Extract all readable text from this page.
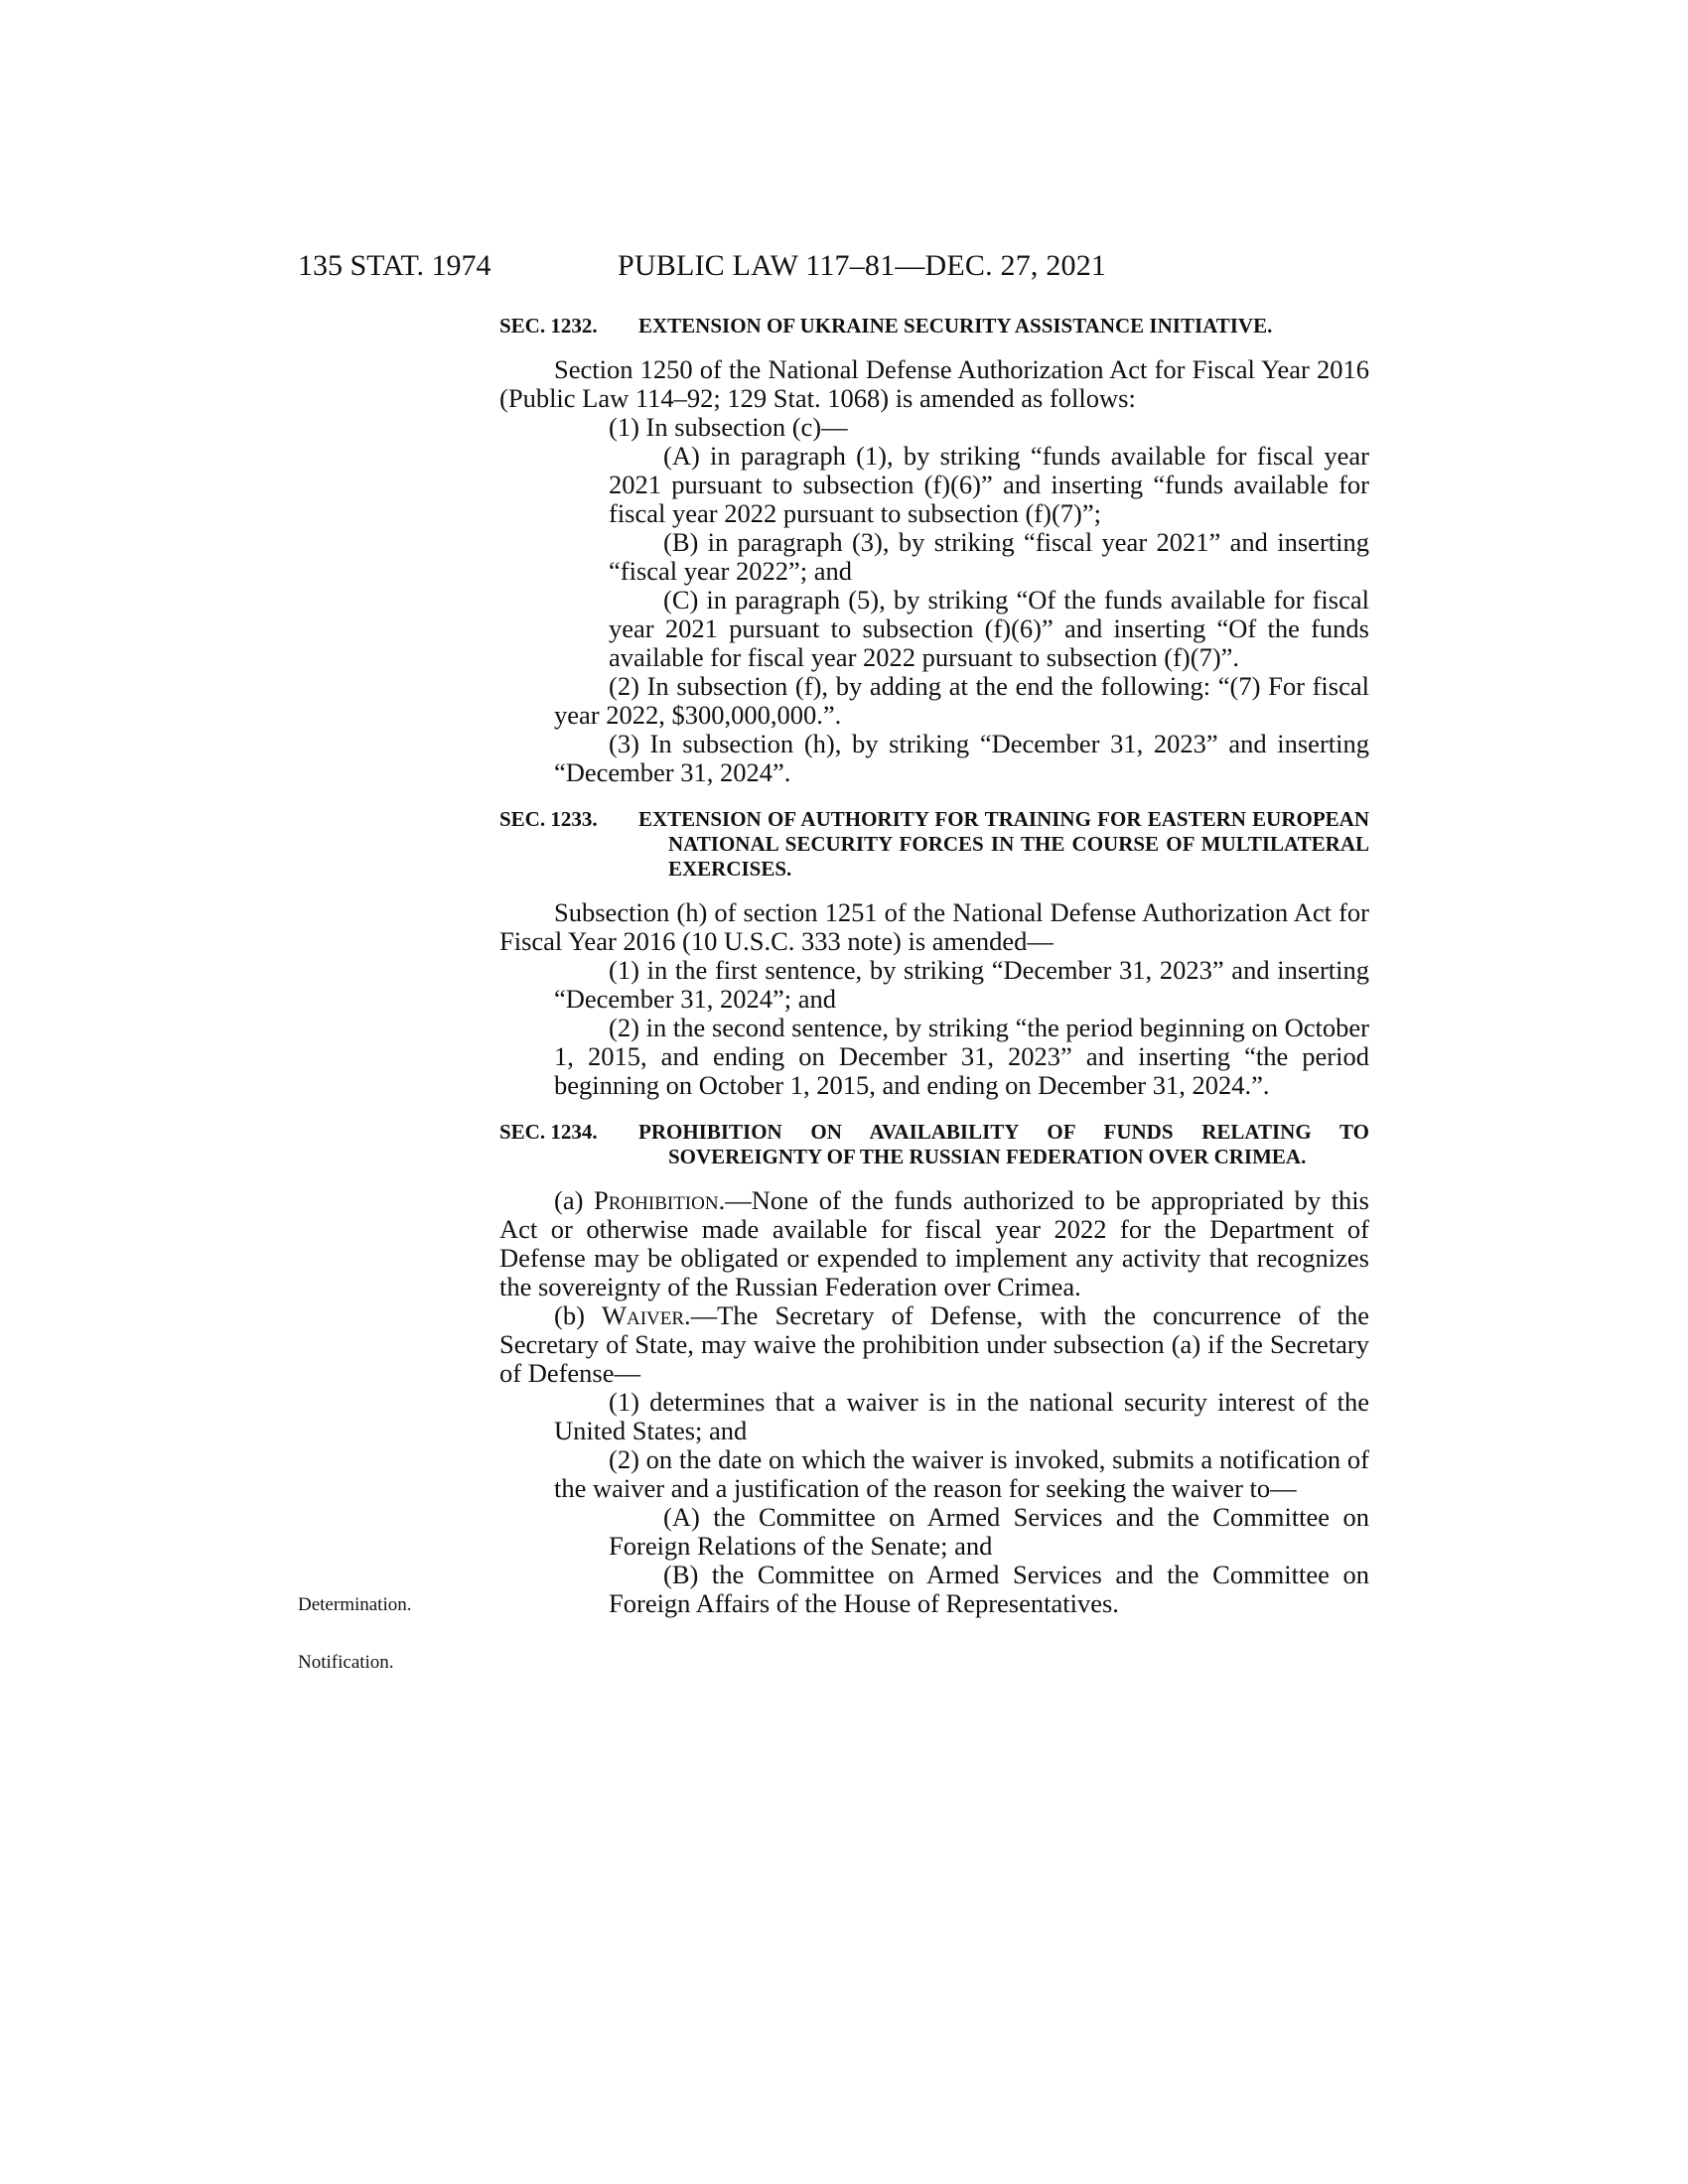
135 STAT. 1974	PUBLIC LAW 117–81—DEC. 27, 2021
Determination.
Notification.
SEC. 1232. EXTENSION OF UKRAINE SECURITY ASSISTANCE INITIATIVE.

Section 1250 of the National Defense Authorization Act for Fiscal Year 2016 (Public Law 114–92; 129 Stat. 1068) is amended as follows:

(1) In subsection (c)—

(A) in paragraph (1), by striking “funds available for fiscal year 2021 pursuant to subsection (f)(6)” and inserting “funds available for fiscal year 2022 pursuant to subsection (f)(7)”;

(B) in paragraph (3), by striking “fiscal year 2021” and inserting “fiscal year 2022”; and

(C) in paragraph (5), by striking “Of the funds available for fiscal year 2021 pursuant to subsection (f)(6)” and inserting “Of the funds available for fiscal year 2022 pursuant to subsection (f)(7)”.

(2) In subsection (f), by adding at the end the following: “(7) For fiscal year 2022, $300,000,000.”.

(3) In subsection (h), by striking “December 31, 2023” and inserting “December 31, 2024”.

SEC. 1233. EXTENSION OF AUTHORITY FOR TRAINING FOR EASTERN EUROPEAN NATIONAL SECURITY FORCES IN THE COURSE OF MULTILATERAL EXERCISES.

Subsection (h) of section 1251 of the National Defense Authorization Act for Fiscal Year 2016 (10 U.S.C. 333 note) is amended—

(1) in the first sentence, by striking “December 31, 2023” and inserting “December 31, 2024”; and

(2) in the second sentence, by striking “the period beginning on October 1, 2015, and ending on December 31, 2023” and inserting “the period beginning on October 1, 2015, and ending on December 31, 2024.”.

SEC. 1234. PROHIBITION ON AVAILABILITY OF FUNDS RELATING TO SOVEREIGNTY OF THE RUSSIAN FEDERATION OVER CRIMEA.

(a) Prohibition.—None of the funds authorized to be appropriated by this Act or otherwise made available for fiscal year 2022 for the Department of Defense may be obligated or expended to implement any activity that recognizes the sovereignty of the Russian Federation over Crimea.

(b) Waiver.—The Secretary of Defense, with the concurrence of the Secretary of State, may waive the prohibition under subsection (a) if the Secretary of Defense—

(1) determines that a waiver is in the national security interest of the United States; and

(2) on the date on which the waiver is invoked, submits a notification of the waiver and a justification of the reason for seeking the waiver to—

(A) the Committee on Armed Services and the Committee on Foreign Relations of the Senate; and

(B) the Committee on Armed Services and the Committee on Foreign Affairs of the House of Representatives.
